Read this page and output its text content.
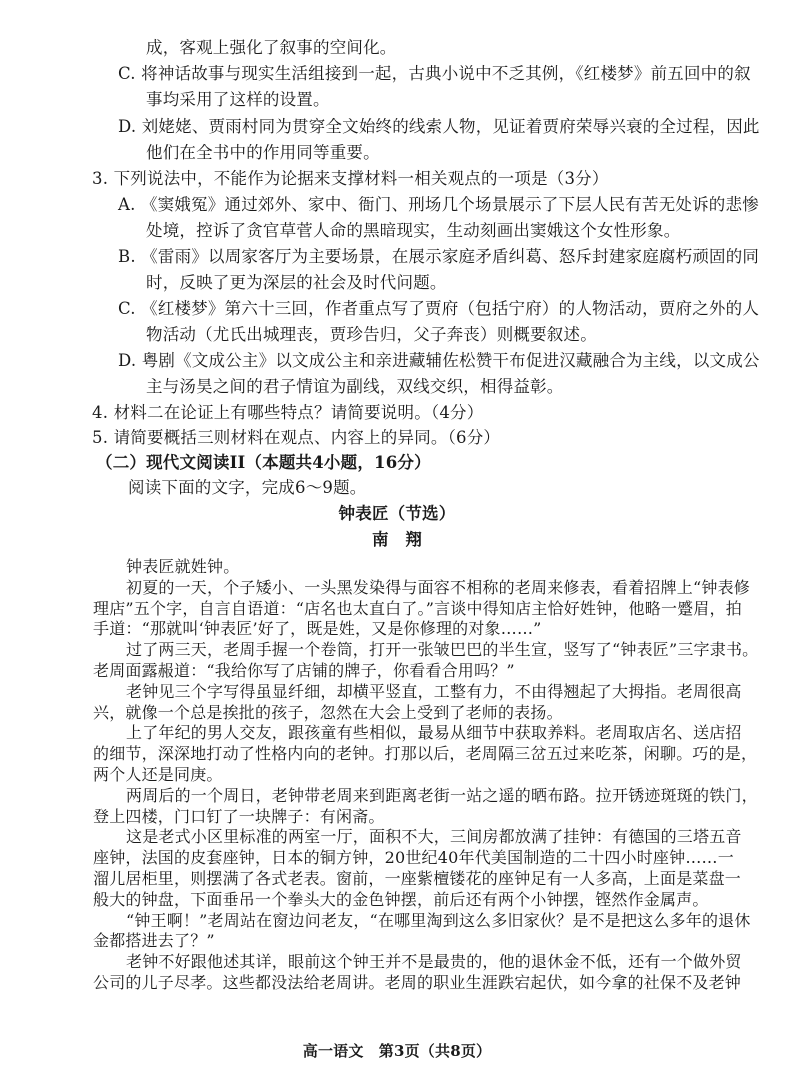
成，客观上强化了叙事的空间化。
C. 将神话故事与现实生活组接到一起，古典小说中不乏其例，《红楼梦》前五回中的叙
事均采用了这样的设置。
D. 刘姥姥、贾雨村同为贯穿全文始终的线索人物，见证着贾府荣辱兴衰的全过程，因此
他们在全书中的作用同等重要。
3. 下列说法中，不能作为论据来支撑材料一相关观点的一项是（3分）
A. 《窦娥冤》通过郊外、家中、衙门、刑场几个场景展示了下层人民有苦无处诉的悲惨
处境，控诉了贪官草菅人命的黑暗现实，生动刻画出窦娥这个女性形象。
B. 《雷雨》以周家客厅为主要场景，在展示家庭矛盾纠葛、怒斥封建家庭腐朽顽固的同
时，反映了更为深层的社会及时代问题。
C. 《红楼梦》第六十三回，作者重点写了贾府（包括宁府）的人物活动，贾府之外的人
物活动（尤氏出城理丧，贾珍告归，父子奔丧）则概要叙述。
D. 粤剧《文成公主》以文成公主和亲进藏辅佐松赞干布促进汉藏融合为主线，以文成公
主与汤昊之间的君子情谊为副线，双线交织，相得益彰。
4. 材料二在论证上有哪些特点？请简要说明。（4分）
5. 请简要概括三则材料在观点、内容上的异同。（6分）
（二）现代文阅读II（本题共4小题，16分）
阅读下面的文字，完成6～9题。
钟表匠（节选）
南　翔
钟表匠就姓钟。
初夏的一天，个子矮小、一头黑发染得与面容不相称的老周来修表，看着招牌上“钟表修
理店”五个字，自言自语道：“店名也太直白了。”言谈中得知店主恰好姓钟，他略一蹙眉，拍
手道：“那就叫‘钟表匠’好了，既是姓，又是你修理的对象……”
过了两三天，老周手握一个卷筒，打开一张皱巴巴的半生宣，竖写了“钟表匠”三字隶书。
老周面露赧道：“我给你写了店铺的牌子，你看看合用吗？”
老钟见三个字写得虽显纤细，却横平竖直，工整有力，不由得翘起了大拇指。老周很高
兴，就像一个总是挨批的孩子，忽然在大会上受到了老师的表扬。
上了年纪的男人交友，跟孩童有些相似，最易从细节中获取养料。老周取店名、送店招
的细节，深深地打动了性格内向的老钟。打那以后，老周隔三岔五过来吃茶，闲聊。巧的是，
两个人还是同庚。
两周后的一个周日，老钟带老周来到距离老街一站之遥的晒布路。拉开锈迹斑斑的铁门，
登上四楼，门口钉了一块牌子：有闲斋。
这是老式小区里标准的两室一厅，面积不大，三间房都放满了挂钟：有德国的三塔五音
座钟，法国的皮套座钟，日本的铜方钟，20世纪40年代美国制造的二十四小时座钟……一
溜儿居柜里，则摆满了各式老表。窗前，一座紫檀镂花的座钟足有一人多高，上面是菜盘一
般大的钟盘，下面垂吊一个拳头大的金色钟摆，前后还有两个小钟摆，铿然作金属声。
“钟王啊！”老周站在窗边问老友，“在哪里淘到这么多旧家伙？是不是把这么多年的退休
金都搭进去了？”
老钟不好跟他述其详，眼前这个钟王并不是最贵的，他的退休金不低，还有一个做外贸
公司的儿子尽孝。这些都没法给老周讲。老周的职业生涯跌宕起伏，如今拿的社保不及老钟
高一语文　第3页（共8页）
